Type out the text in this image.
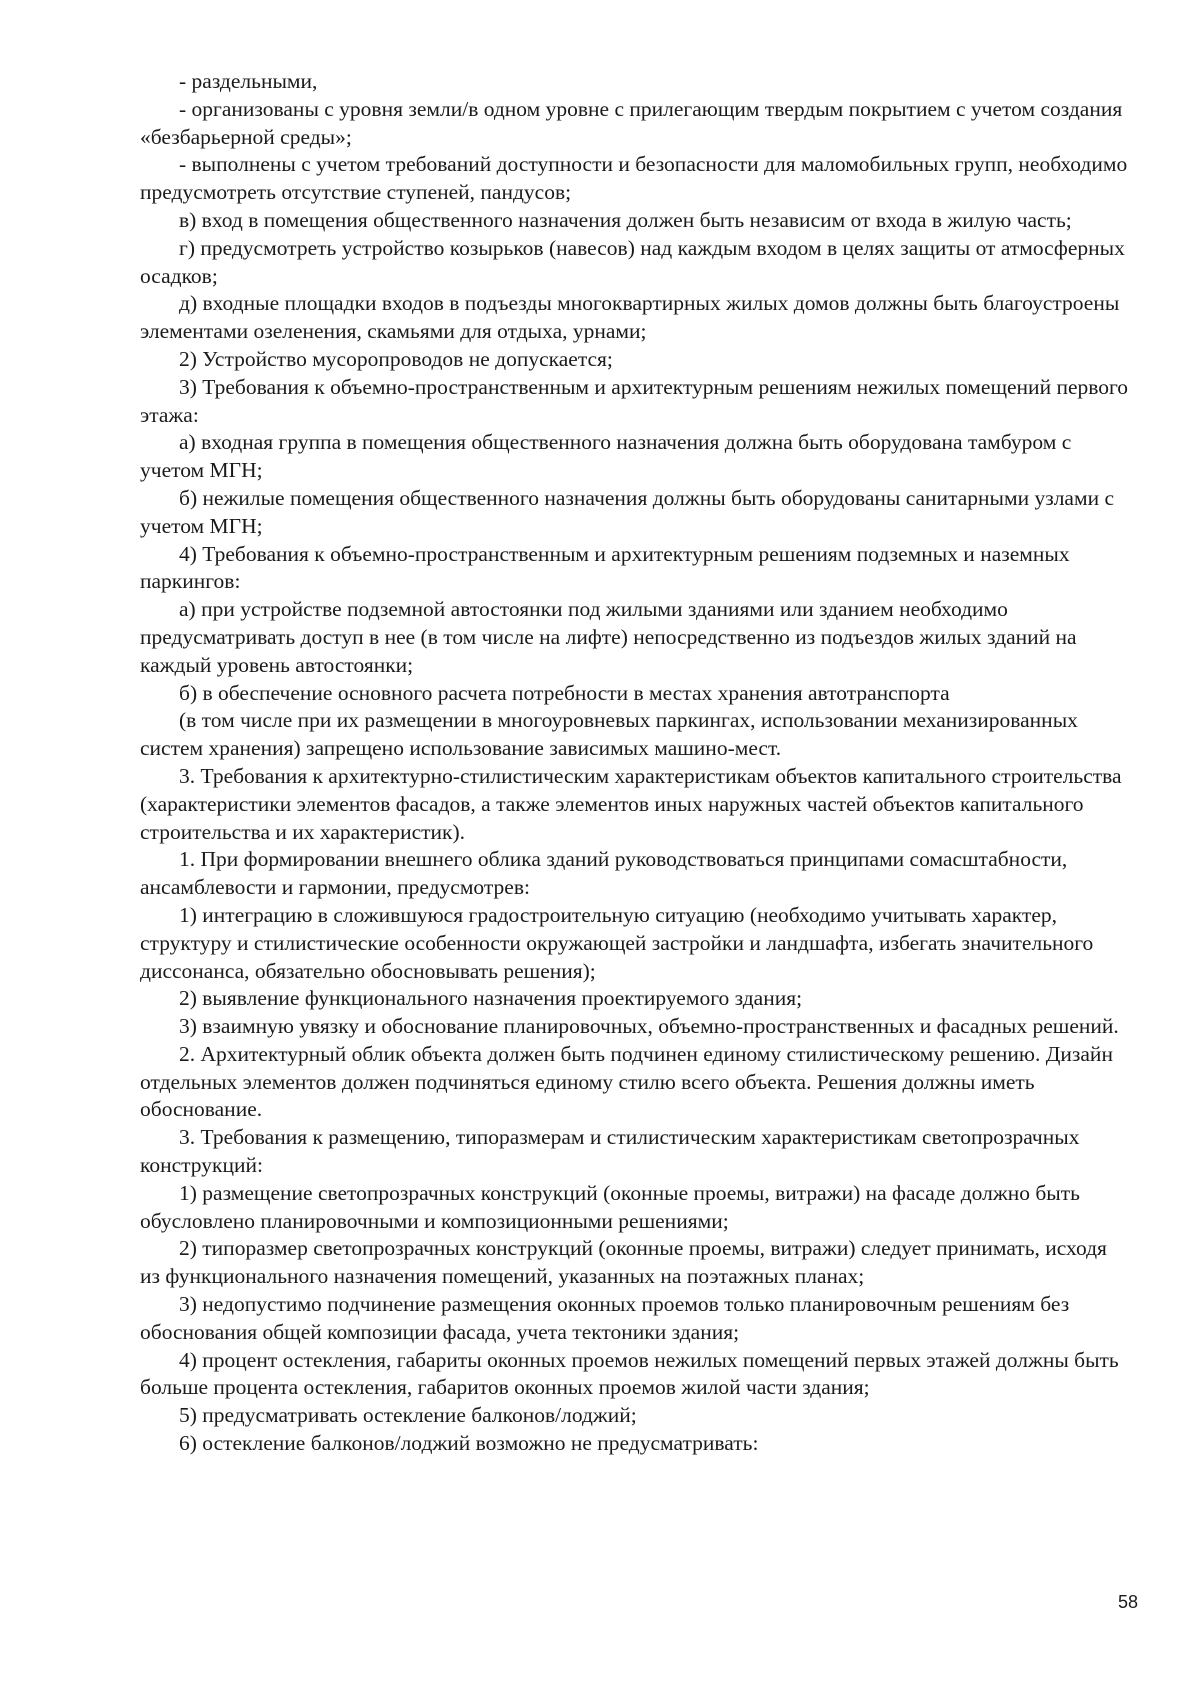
- раздельными,

- организованы с уровня земли/в одном уровне с прилегающим твердым покрытием с учетом создания «безбарьерной среды»;

- выполнены с учетом требований доступности и безопасности для маломобильных групп, необходимо предусмотреть отсутствие ступеней, пандусов;

в) вход в помещения общественного назначения должен быть независим от входа в жилую часть;

г) предусмотреть устройство козырьков (навесов) над каждым входом в целях защиты от атмосферных осадков;

д) входные площадки входов в подъезды многоквартирных жилых домов должны быть благоустроены элементами озеленения, скамьями для отдыха, урнами;

2) Устройство мусоропроводов не допускается;

3) Требования к объемно-пространственным и архитектурным решениям нежилых помещений первого этажа:

а) входная группа в помещения общественного назначения должна быть оборудована тамбуром с учетом МГН;

б) нежилые помещения общественного назначения должны быть оборудованы санитарными узлами с учетом МГН;

4) Требования к объемно-пространственным и архитектурным решениям подземных и наземных паркингов:

а) при устройстве подземной автостоянки под жилыми зданиями или зданием необходимо предусматривать доступ в нее (в том числе на лифте) непосредственно из подъездов жилых зданий на каждый уровень автостоянки;

б) в обеспечение основного расчета потребности в местах хранения автотранспорта

(в том числе при их размещении в многоуровневых паркингах, использовании механизированных систем хранения) запрещено использование зависимых машино-мест.

3. Требования к архитектурно-стилистическим характеристикам объектов капитального строительства (характеристики элементов фасадов, а также элементов иных наружных частей объектов капитального строительства и их характеристик).

1. При формировании внешнего облика зданий руководствоваться принципами сомасштабности, ансамблевости и гармонии, предусмотрев:

1) интеграцию в сложившуюся градостроительную ситуацию (необходимо учитывать характер, структуру и стилистические особенности окружающей застройки и ландшафта, избегать значительного диссонанса, обязательно обосновывать решения);

2) выявление функционального назначения проектируемого здания;

3) взаимную увязку и обоснование планировочных, объемно-пространственных и фасадных решений.

2. Архитектурный облик объекта должен быть подчинен единому стилистическому решению. Дизайн отдельных элементов должен подчиняться единому стилю всего объекта. Решения должны иметь обоснование.

3. Требования к размещению, типоразмерам и стилистическим характеристикам светопрозрачных конструкций:

1) размещение светопрозрачных конструкций (оконные проемы, витражи) на фасаде должно быть обусловлено планировочными и композиционными решениями;

2) типоразмер светопрозрачных конструкций (оконные проемы, витражи) следует принимать, исходя из функционального назначения помещений, указанных на поэтажных планах;

3) недопустимо подчинение размещения оконных проемов только планировочным решениям без обоснования общей композиции фасада, учета тектоники здания;

4) процент остекления, габариты оконных проемов нежилых помещений первых этажей должны быть больше процента остекления, габаритов оконных проемов жилой части здания;

5) предусматривать остекление балконов/лоджий;

6) остекление балконов/лоджий возможно не предусматривать:

58
